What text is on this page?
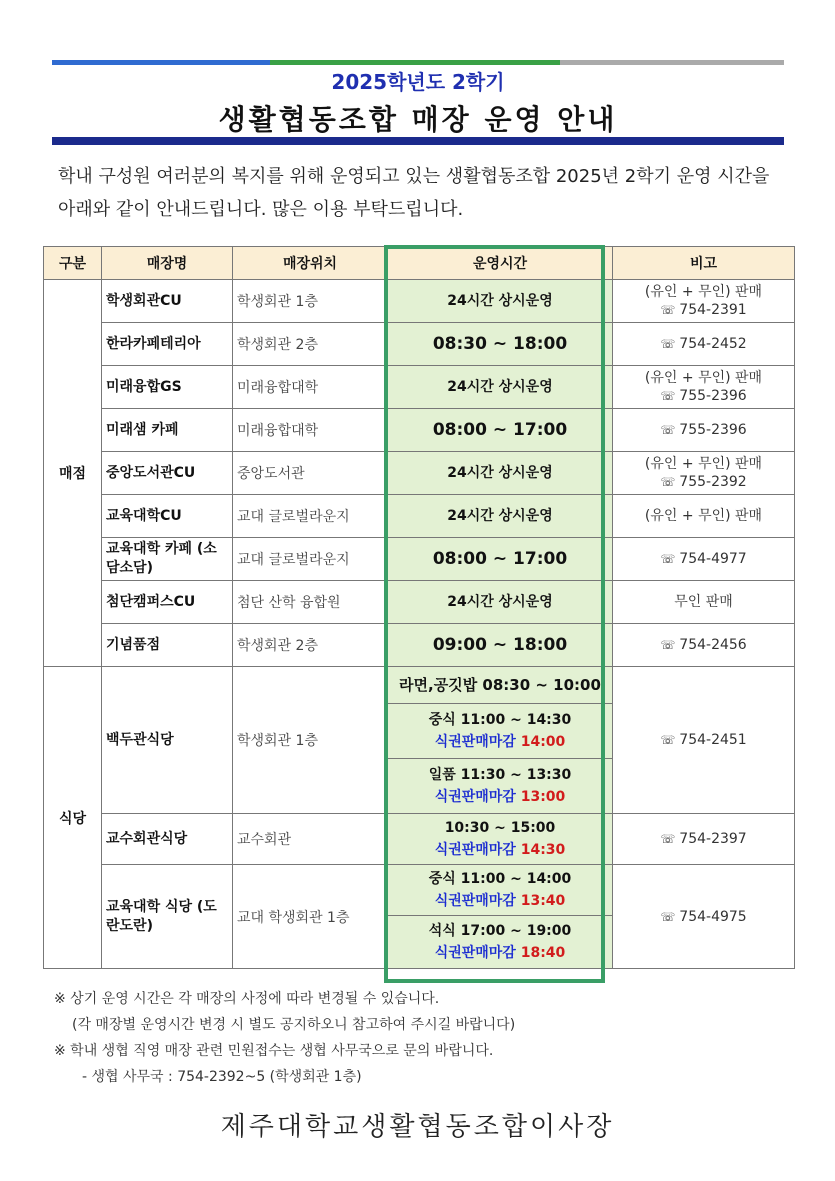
2025학년도 2학기
생활협동조합 매장 운영 안내
학내 구성원 여러분의 복지를 위해 운영되고 있는 생활협동조합 2025년 2학기 운영 시간을 아래와 같이 안내드립니다. 많은 이용 부탁드립니다.
구분	매장명	매장위치	운영시간	비고
매점	학생회관CU	학생회관 1층	24시간 상시운영	(유인 + 무인) 판매
☏ 754-2391

	한라카페테리아	학생회관 2층	08:30 ~ 18:00	☏ 754-2452
	미래융합GS	미래융합대학	24시간 상시운영	(유인 + 무인) 판매
☏ 755-2396

	미래샘 카페	미래융합대학	08:00 ~ 17:00	☏ 755-2396
	중앙도서관CU	중앙도서관	24시간 상시운영	(유인 + 무인) 판매
☏ 755-2392

	교육대학CU	교대 글로벌라운지	24시간 상시운영	(유인 + 무인) 판매
	교육대학 카페 (소담소담)	교대 글로벌라운지	08:00 ~ 17:00	☏ 754-4977
	첨단캠퍼스CU	첨단 산학 융합원	24시간 상시운영	무인 판매
	기념품점	학생회관 2층	09:00 ~ 18:00	☏ 754-2456
식당	백두관식당	학생회관 1층	라면,공깃밥 08:30 ~ 10:00	☏ 754-2451

			중식 11:00 ~ 14:30
식권판매마감 14:00	

			일품 11:30 ~ 13:30
식권판매마감 13:00	

	교수회관식당	교수회관	10:30 ~ 15:00
식권판매마감 14:30	☏ 754-2397
	교육대학 식당 (도란도란)	교대 학생회관 1층	중식 11:00 ~ 14:00
식권판매마감 13:40	☏ 754-4975

			석식 17:00 ~ 19:00
식권판매마감 18:40	
※ 상기 운영 시간은 각 매장의 사정에 따라 변경될 수 있습니다.
(각 매장별 운영시간 변경 시 별도 공지하오니 참고하여 주시길 바랍니다)
※ 학내 생협 직영 매장 관련 민원접수는 생협 사무국으로 문의 바랍니다.
- 생협 사무국 : 754-2392~5 (학생회관 1층)
제주대학교생활협동조합이사장
